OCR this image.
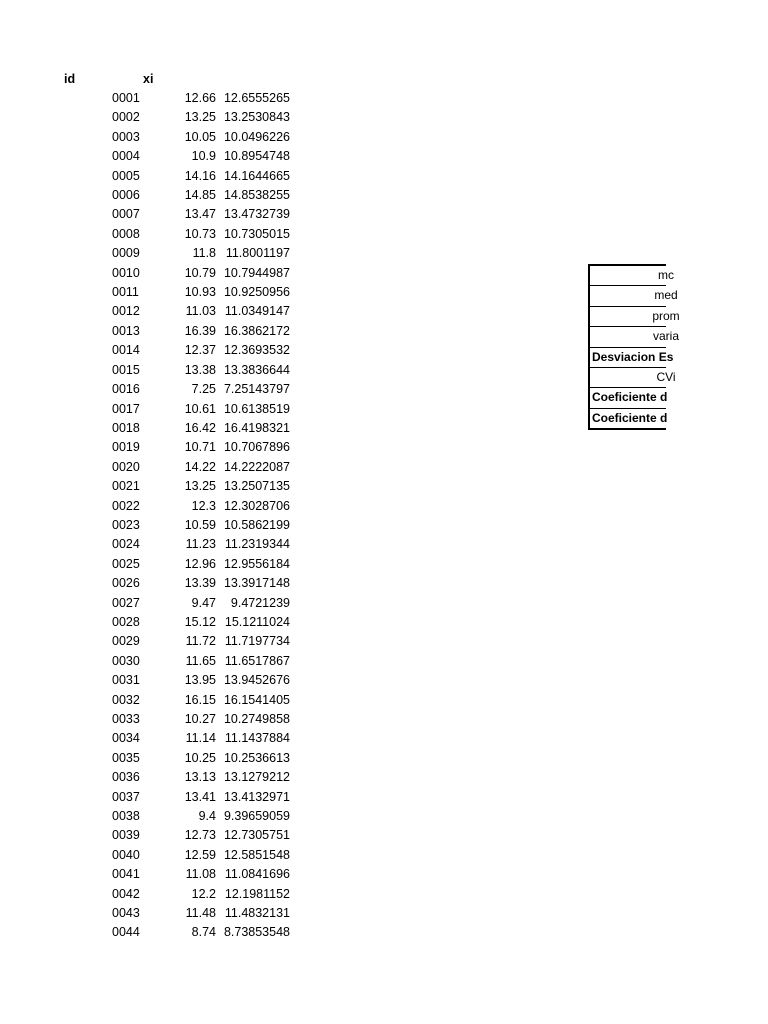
id	xi
0001	12.66 12.6555265
0002	13.25 13.2530843
0003	10.05 10.0496226
0004	10.9 10.8954748
0005	14.16 14.1644665
0006	14.85 14.8538255
0007	13.47 13.4732739
0008	10.73 10.7305015
0009	11.8 11.8001197
0010	10.79 10.7944987
0011	10.93 10.9250956
0012	11.03 11.0349147
0013	16.39 16.3862172
0014	12.37 12.3693532
0015	13.38 13.3836644
0016	7.25 7.25143797
0017	10.61 10.6138519
0018	16.42 16.4198321
0019	10.71 10.7067896
0020	14.22 14.2222087
0021	13.25 13.2507135
0022	12.3 12.3028706
0023	10.59 10.5862199
0024	11.23 11.2319344
0025	12.96 12.9556184
0026	13.39 13.3917148
0027	9.47 9.4721239
0028	15.12 15.1211024
0029	11.72 11.7197734
0030	11.65 11.6517867
0031	13.95 13.9452676
0032	16.15 16.1541405
0033	10.27 10.2749858
0034	11.14 11.1437884
0035	10.25 10.2536613
0036	13.13 13.1279212
0037	13.41 13.4132971
0038	9.4 9.39659059
0039	12.73 12.7305751
0040	12.59 12.5851548
0041	11.08 11.0841696
0042	12.2 12.1981152
0043	11.48 11.4832131
0044	8.74 8.73853548
mc
med
prom
varia
Desviacion Es
CVi
Coeficiente d
Coeficiente d
